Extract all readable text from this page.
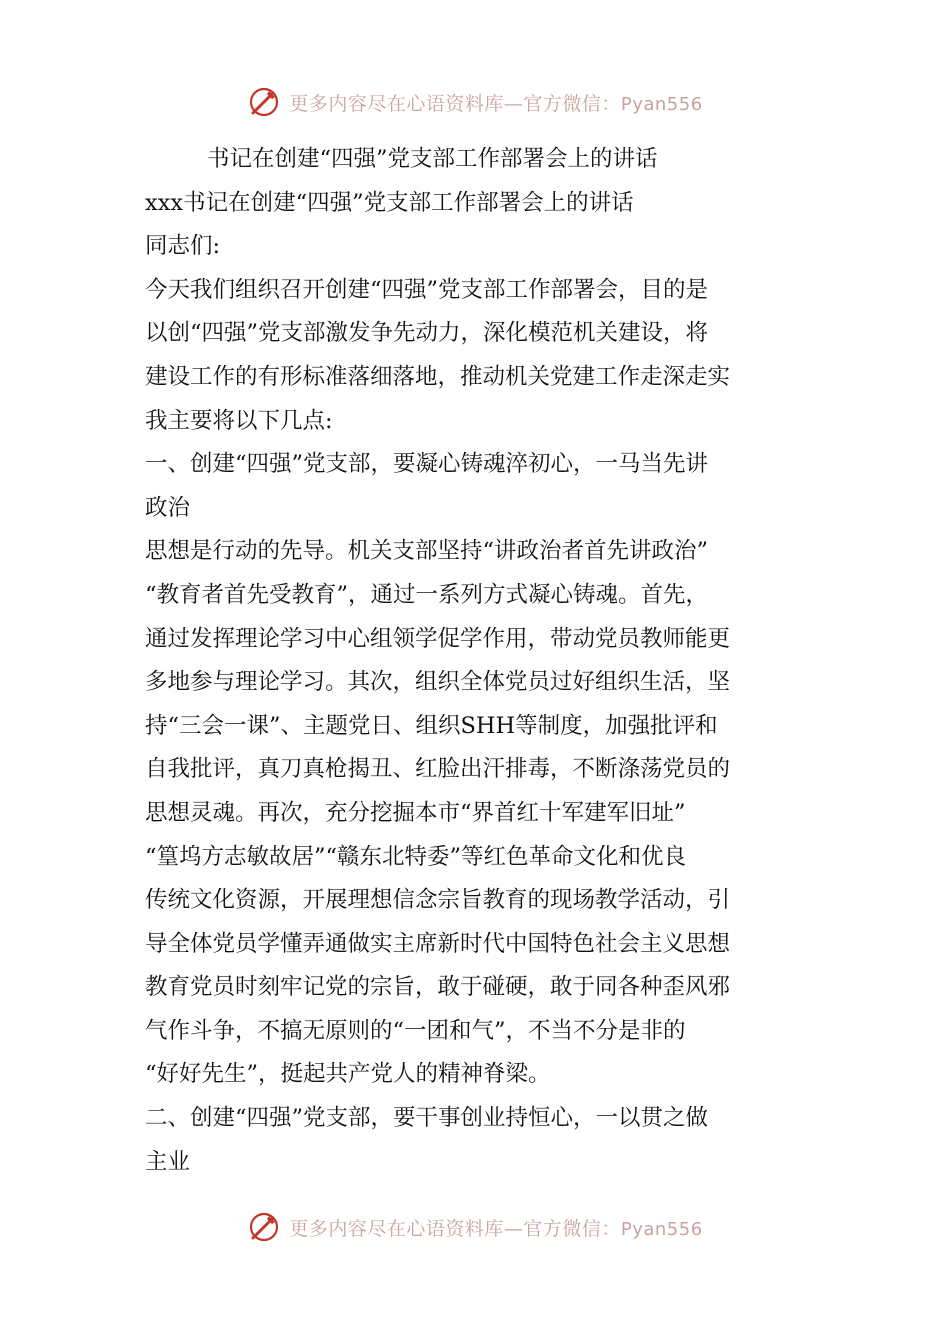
更多内容尽在心语资料库—官方微信：Pyan556
书记在创建“四强”党支部工作部署会上的讲话
xxx书记在创建“四强”党支部工作部署会上的讲话
同志们:
今天我们组织召开创建“四强”党支部工作部署会，目的是
以创“四强”党支部激发争先动力，深化模范机关建设，将
建设工作的有形标准落细落地，推动机关党建工作走深走实
我主要将以下几点:
一、创建“四强”党支部，要凝心铸魂淬初心，一马当先讲
政治
思想是行动的先导。机关支部坚持“讲政治者首先讲政治”
“教育者首先受教育”，通过一系列方式凝心铸魂。首先，
通过发挥理论学习中心组领学促学作用，带动党员教师能更
多地参与理论学习。其次，组织全体党员过好组织生活，坚
持“三会一课”、主题党日、组织SHH等制度，加强批评和
自我批评，真刀真枪揭丑、红脸出汗排毒，不断涤荡党员的
思想灵魂。再次，充分挖掘本市“界首红十军建军旧址”
“篁坞方志敏故居”“赣东北特委”等红色革命文化和优良
传统文化资源，开展理想信念宗旨教育的现场教学活动，引
导全体党员学懂弄通做实主席新时代中国特色社会主义思想
教育党员时刻牢记党的宗旨，敢于碰硬，敢于同各种歪风邪
气作斗争，不搞无原则的“一团和气”，不当不分是非的
“好好先生”，挺起共产党人的精神脊梁。
二、创建“四强”党支部，要干事创业持恒心，一以贯之做
主业
更多内容尽在心语资料库—官方微信：Pyan556
